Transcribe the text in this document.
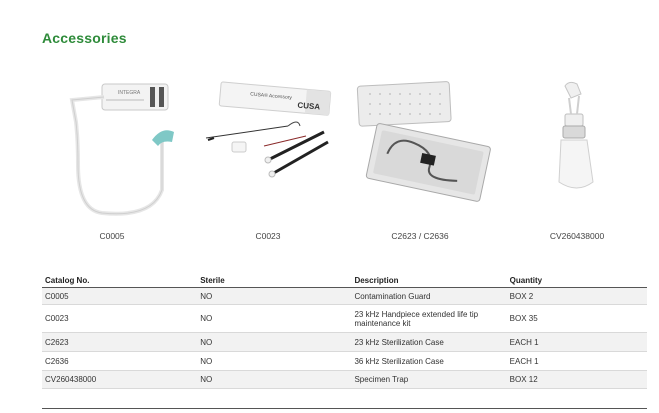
Accessories
INTEGRA
C0005
CUSA® Accessory
CUSA
C0023	C2623 / C2636	CV260438000
Catalog No.	Sterile	Description	Quantity
C0005	NO	Contamination Guard	BOX 2
C0023	NO	23 kHz Handpiece extended life tip maintenance kit	BOX 35
C2623	NO	23 kHz Sterilization Case	EACH 1
C2636	NO	36 kHz Sterilization Case	EACH 1
CV260438000	NO	Specimen Trap	BOX 12
